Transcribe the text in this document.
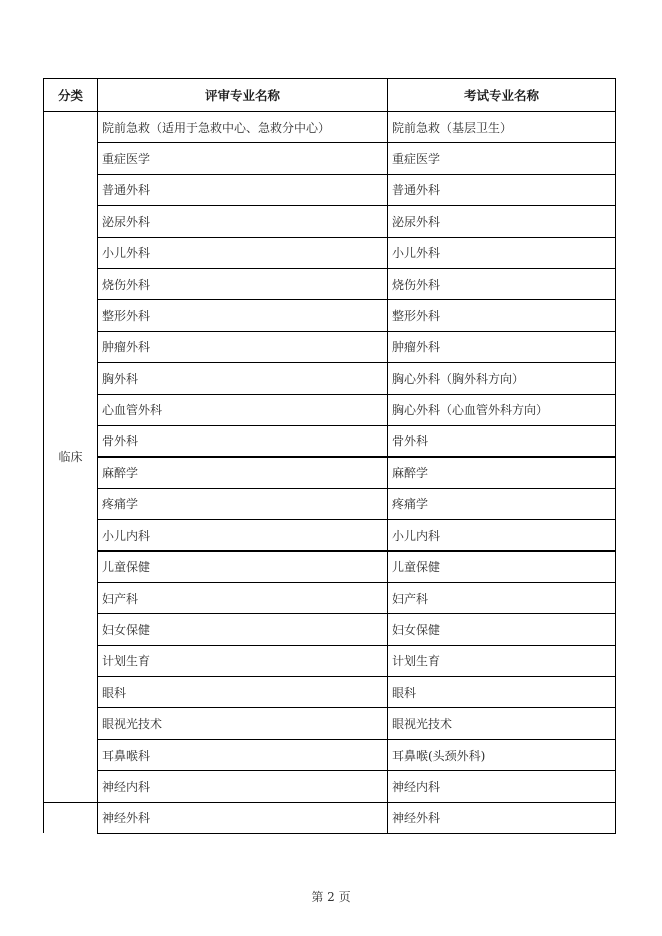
分类	评审专业名称	考试专业名称
临床	院前急救（适用于急救中心、急救分中心）	院前急救（基层卫生）
	重症医学	重症医学
	普通外科	普通外科
	泌尿外科	泌尿外科
	小儿外科	小儿外科
	烧伤外科	烧伤外科
	整形外科	整形外科
	肿瘤外科	肿瘤外科
	胸外科	胸心外科（胸外科方向）
	心血管外科	胸心外科（心血管外科方向）
	骨外科	骨外科
	麻醉学	麻醉学
	疼痛学	疼痛学
	小儿内科	小儿内科
	儿童保健	儿童保健
	妇产科	妇产科
	妇女保健	妇女保健
	计划生育	计划生育
	眼科	眼科
	眼视光技术	眼视光技术
	耳鼻喉科	耳鼻喉(头颈外科)
	神经内科	神经内科
	神经外科	神经外科
第 2 页
